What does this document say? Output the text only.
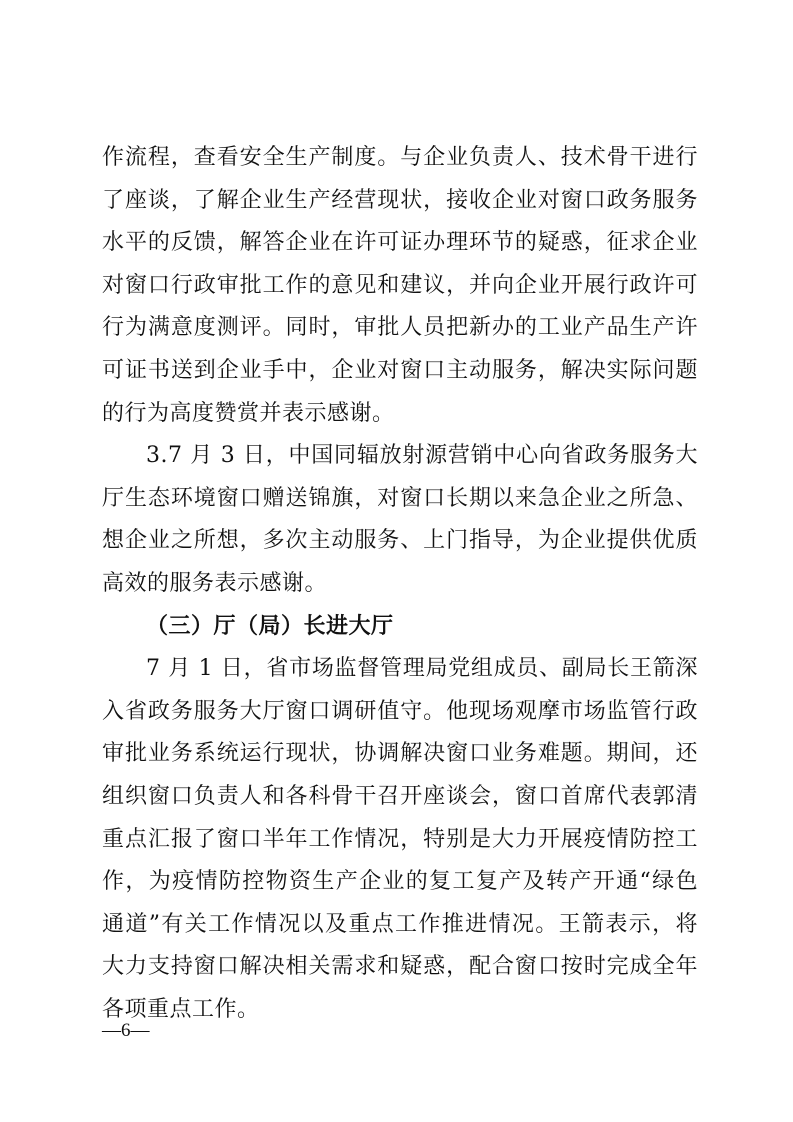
作流程，查看安全生产制度。与企业负责人、技术骨干进行
了座谈，了解企业生产经营现状，接收企业对窗口政务服务
水平的反馈，解答企业在许可证办理环节的疑惑，征求企业
对窗口行政审批工作的意见和建议，并向企业开展行政许可
行为满意度测评。同时，审批人员把新办的工业产品生产许
可证书送到企业手中，企业对窗口主动服务，解决实际问题
的行为高度赞赏并表示感谢。
3.7 月 3 日，中国同辐放射源营销中心向省政务服务大
厅生态环境窗口赠送锦旗，对窗口长期以来急企业之所急、
想企业之所想，多次主动服务、上门指导，为企业提供优质
高效的服务表示感谢。
（三）厅（局）长进大厅
7 月 1 日，省市场监督管理局党组成员、副局长王箭深
入省政务服务大厅窗口调研值守。他现场观摩市场监管行政
审批业务系统运行现状，协调解决窗口业务难题。期间，还
组织窗口负责人和各科骨干召开座谈会，窗口首席代表郭清
重点汇报了窗口半年工作情况，特别是大力开展疫情防控工
作，为疫情防控物资生产企业的复工复产及转产开通“绿色
通道”有关工作情况以及重点工作推进情况。王箭表示，将
大力支持窗口解决相关需求和疑惑，配合窗口按时完成全年
各项重点工作。
—6—
